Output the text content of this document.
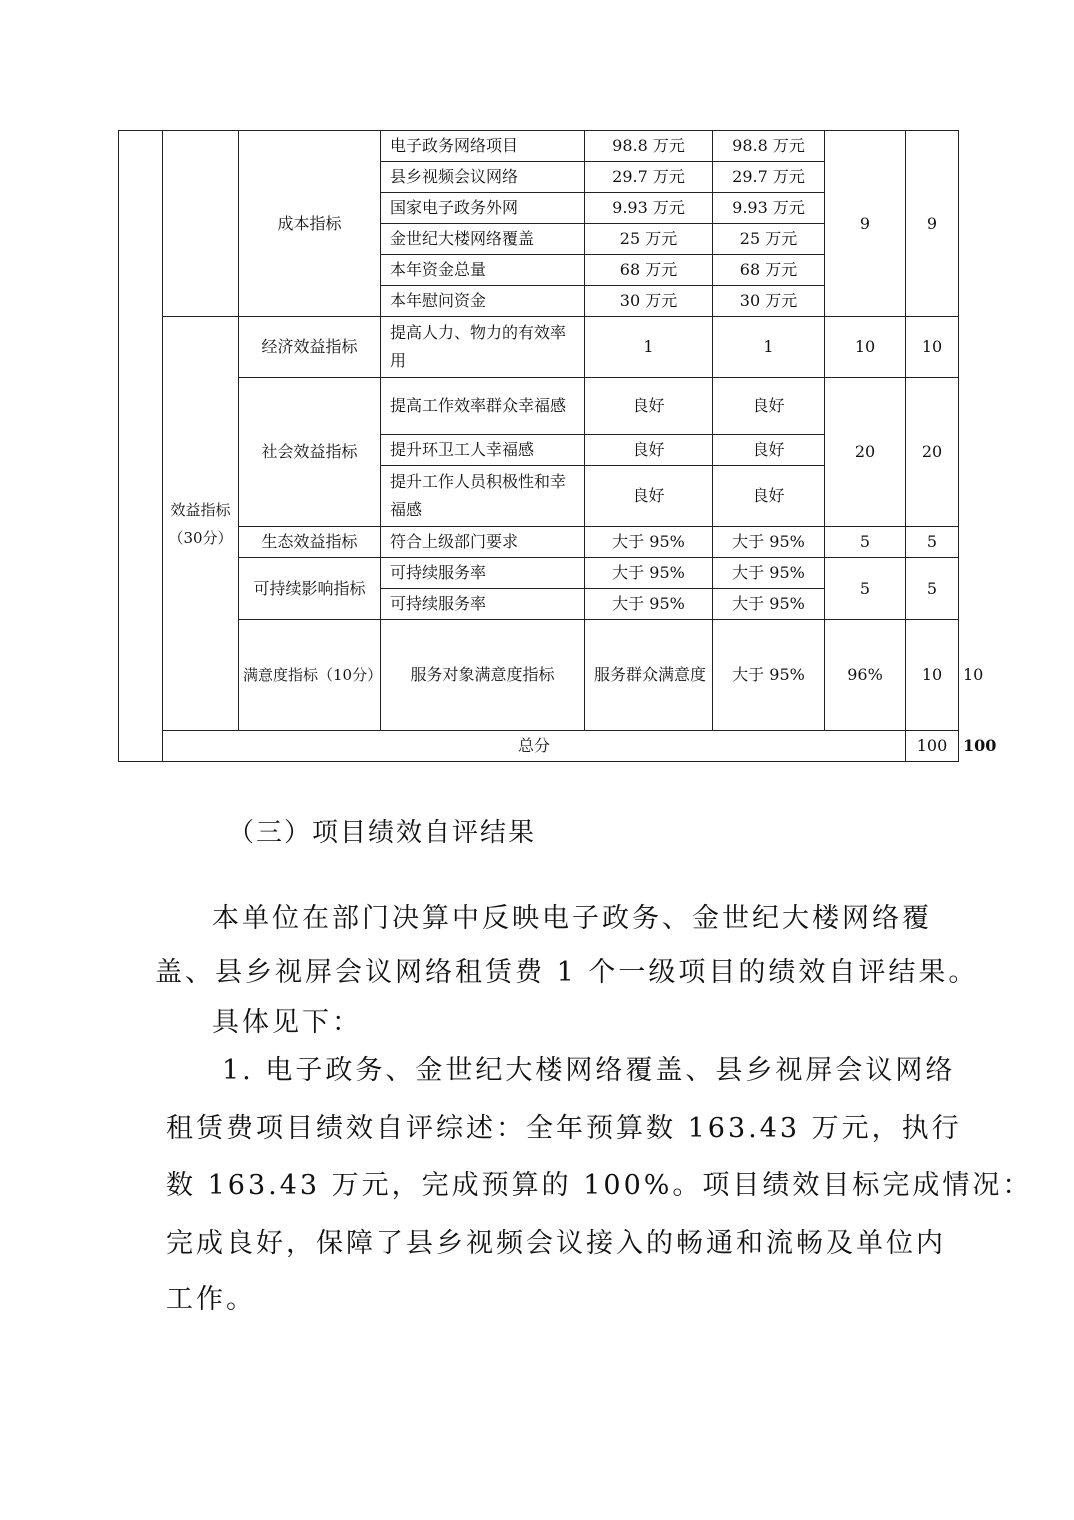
		成本指标	电子政务网络项目	98.8 万元	98.8 万元	9	9	
			县乡视频会议网络	29.7 万元	29.7 万元			
			国家电子政务外网	9.93 万元	9.93 万元			
			金世纪大楼网络覆盖	25 万元	25 万元			
			本年资金总量	68 万元	68 万元			
			本年慰问资金	30 万元	30 万元			
	效益指标（30分）	经济效益指标	提高人力、物力的有效率用	1	1	10	10	
		社会效益指标	提高工作效率群众幸福感	良好	良好	20	20	
			提升环卫工人幸福感	良好	良好			
			提升工作人员积极性和幸福感	良好	良好			
		生态效益指标	符合上级部门要求	大于 95%	大于 95%	5	5	
		可持续影响指标	可持续服务率	大于 95%	大于 95%	5	5	
			可持续服务率	大于 95%	大于 95%			
		满意度指标（10分）	服务对象满意度指标	服务群众满意度	大于 95%	96%	10	10
	总分						100	100
（三）项目绩效自评结果

本单位在部门决算中反映电子政务、金世纪大楼网络覆

盖、县乡视屏会议网络租赁费 1 个一级项目的绩效自评结果。

具体见下：

1. 电子政务、金世纪大楼网络覆盖、县乡视屏会议网络

租赁费项目绩效自评综述：全年预算数 163.43 万元，执行

数 163.43 万元，完成预算的 100%。项目绩效目标完成情况：

完成良好，保障了县乡视频会议接入的畅通和流畅及单位内

工作。
